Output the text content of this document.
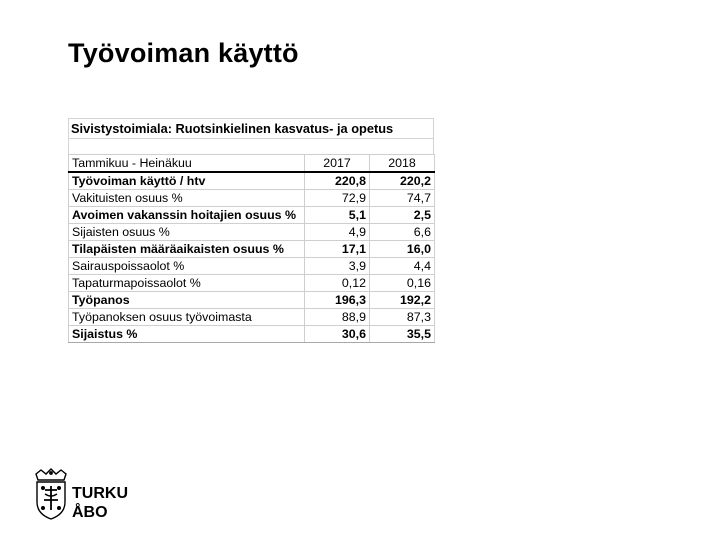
Työvoiman käyttö
Sivistystoimiala: Ruotsinkielinen kasvatus- ja opetus
Tammikuu - Heinäkuu	2017	2018
Työvoiman käyttö / htv	220,8	220,2
Vakituisten osuus %	72,9	74,7
Avoimen vakanssin hoitajien osuus %	5,1	2,5
Sijaisten osuus %	4,9	6,6
Tilapäisten määräaikaisten osuus %	17,1	16,0
Sairauspoissaolot %	3,9	4,4
Tapaturmapoissaolot %	0,12	0,16
Työpanos	196,3	192,2
Työpanoksen osuus työvoimasta	88,9	87,3
Sijaistus %	30,6	35,5
TURKU
ÅBO
